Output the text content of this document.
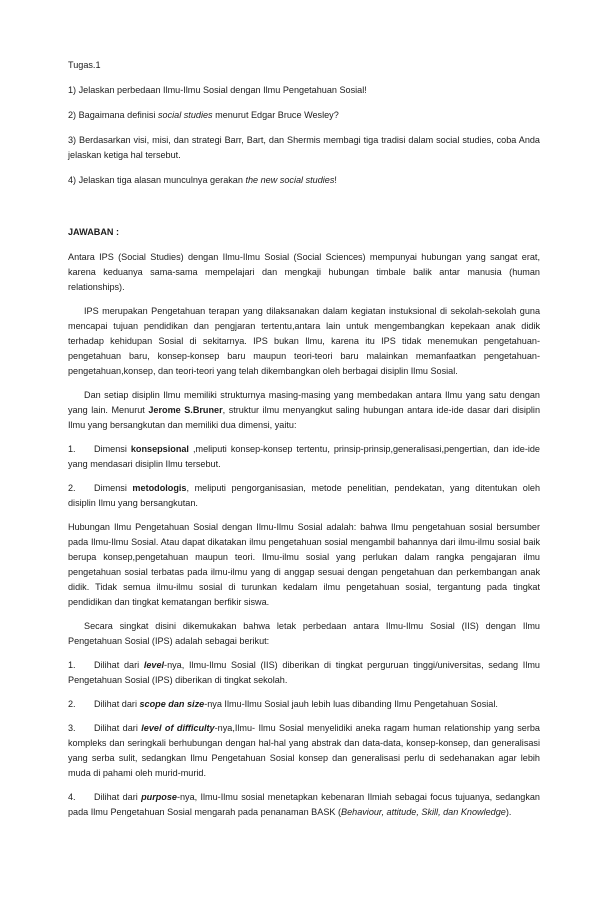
Tugas.1

1) Jelaskan perbedaan Ilmu-Ilmu Sosial dengan Ilmu Pengetahuan Sosial!

2) Bagaimana definisi social studies menurut Edgar Bruce Wesley?

3) Berdasarkan visi, misi, dan strategi Barr, Bart, dan Shermis membagi tiga tradisi dalam social studies, coba Anda jelaskan ketiga hal tersebut.

4) Jelaskan tiga alasan munculnya gerakan the new social studies!

JAWABAN :

Antara IPS (Social Studies) dengan Ilmu-Ilmu Sosial (Social Sciences) mempunyai hubungan yang sangat erat, karena keduanya sama-sama mempelajari dan mengkaji hubungan timbale balik antar manusia (human relationships).

IPS merupakan Pengetahuan terapan yang dilaksanakan dalam kegiatan instuksional di sekolah-sekolah guna mencapai tujuan pendidikan dan pengjaran tertentu,antara lain untuk mengembangkan kepekaan anak didik terhadap kehidupan Sosial di sekitarnya. IPS bukan Ilmu, karena itu IPS tidak menemukan pengetahuan-pengetahuan baru, konsep-konsep baru maupun teori-teori baru malainkan memanfaatkan pengetahuan-pengetahuan,konsep, dan teori-teori yang telah dikembangkan oleh berbagai disiplin Ilmu Sosial.

Dan setiap disiplin Ilmu memiliki strukturnya masing-masing yang membedakan antara Ilmu yang satu dengan yang lain. Menurut Jerome S.Bruner, struktur ilmu menyangkut saling hubungan antara ide-ide dasar dari disiplin Ilmu yang bersangkutan dan memiliki dua dimensi, yaitu:

1. Dimensi konsepsional ,meliputi konsep-konsep tertentu, prinsip-prinsip,generalisasi,pengertian, dan ide-ide yang mendasari disiplin Ilmu tersebut.

2. Dimensi metodologis, meliputi pengorganisasian, metode penelitian, pendekatan, yang ditentukan oleh disiplin Ilmu yang bersangkutan.

Hubungan Ilmu Pengetahuan Sosial dengan Ilmu-Ilmu Sosial adalah: bahwa Ilmu pengetahuan sosial bersumber pada Ilmu-Ilmu Sosial. Atau dapat dikatakan ilmu pengetahuan sosial mengambil bahannya dari ilmu-ilmu sosial baik berupa konsep,pengetahuan maupun teori. Ilmu-ilmu sosial yang perlukan dalam rangka pengajaran ilmu pengetahuan sosial terbatas pada ilmu-ilmu yang di anggap sesuai dengan pengetahuan dan perkembangan anak didik. Tidak semua ilmu-ilmu sosial di turunkan kedalam ilmu pengetahuan sosial, tergantung pada tingkat pendidikan dan tingkat kematangan berfikir siswa.

Secara singkat disini dikemukakan bahwa letak perbedaan antara Ilmu-Ilmu Sosial (IIS) dengan Ilmu Pengetahuan Sosial (IPS) adalah sebagai berikut:

1. Dilihat dari level-nya, Ilmu-Ilmu Sosial (IIS) diberikan di tingkat perguruan tinggi/universitas, sedang Ilmu Pengetahuan Sosial (IPS) diberikan di tingkat sekolah.

2. Dilihat dari scope dan size-nya Ilmu-Ilmu Sosial jauh lebih luas dibanding Ilmu Pengetahuan Sosial.

3. Dilihat dari level of difficulty-nya,Ilmu- Ilmu Sosial menyelidiki aneka ragam human relationship yang serba kompleks dan seringkali berhubungan dengan hal-hal yang abstrak dan data-data, konsep-konsep, dan generalisasi yang serba sulit, sedangkan Ilmu Pengetahuan Sosial konsep dan generalisasi perlu di sedehanakan agar lebih muda di pahami oleh murid-murid.

4. Dilihat dari purpose-nya, Ilmu-Ilmu sosial menetapkan kebenaran Ilmiah sebagai focus tujuanya, sedangkan pada Ilmu Pengetahuan Sosial mengarah pada penanaman BASK (Behaviour, attitude, Skill, dan Knowledge).
